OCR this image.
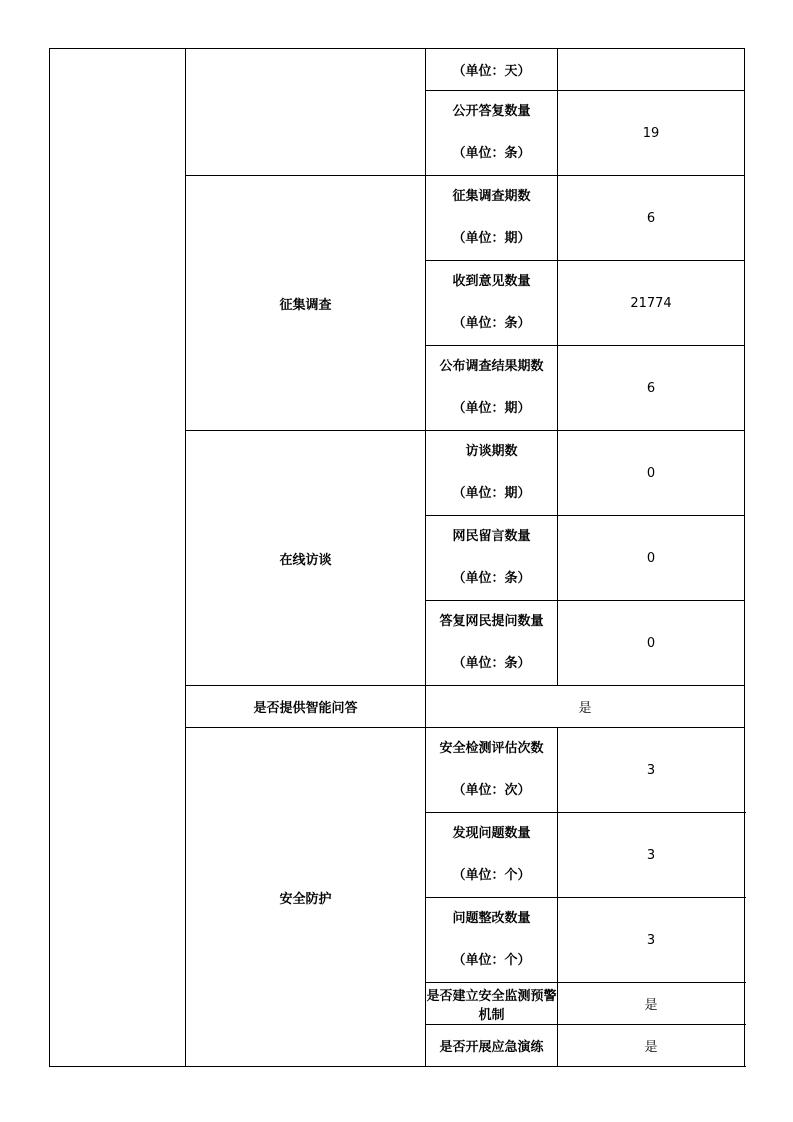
		（单位：天）	

		公开答复数量
（单位：条）	19
	征集调查	征集调查期数
（单位：期）	6

		收到意见数量
（单位：条）	21774

		公布调查结果期数
（单位：期）	6
	在线访谈	访谈期数
（单位：期）	0

		网民留言数量
（单位：条）	0

		答复网民提问数量
（单位：条）	0
	是否提供智能问答	是	
	安全防护	安全检测评估次数
（单位：次）	3

		发现问题数量
（单位：个）	3

		问题整改数量
（单位：个）	3
		是否建立安全监测预警机制	是
		是否开展应急演练	是
